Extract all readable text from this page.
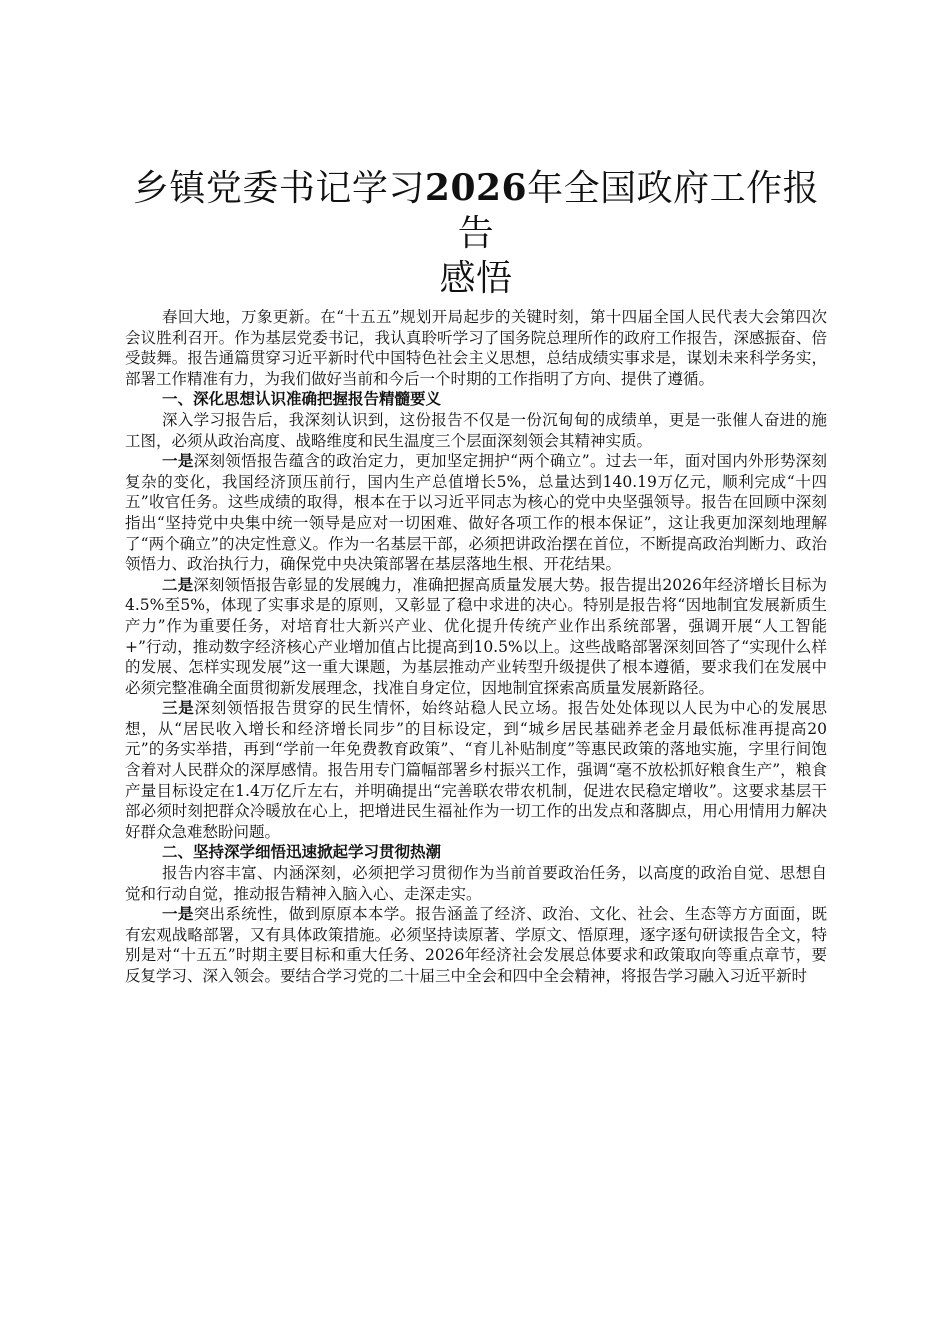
乡镇党委书记学习2026年全国政府工作报告
感悟

春回大地，万象更新。在“十五五”规划开局起步的关键时刻，第十四届全国人民代表大会第四次会议胜利召开。作为基层党委书记，我认真聆听学习了国务院总理所作的政府工作报告，深感振奋、倍受鼓舞。报告通篇贯穿习近平新时代中国特色社会主义思想，总结成绩实事求是，谋划未来科学务实，部署工作精准有力，为我们做好当前和今后一个时期的工作指明了方向、提供了遵循。

一、深化思想认识准确把握报告精髓要义

深入学习报告后，我深刻认识到，这份报告不仅是一份沉甸甸的成绩单，更是一张催人奋进的施工图，必须从政治高度、战略维度和民生温度三个层面深刻领会其精神实质。

一是深刻领悟报告蕴含的政治定力，更加坚定拥护“两个确立”。过去一年，面对国内外形势深刻复杂的变化，我国经济顶压前行，国内生产总值增长5%，总量达到140.19万亿元，顺利完成“十四五”收官任务。这些成绩的取得，根本在于以习近平同志为核心的党中央坚强领导。报告在回顾中深刻指出“坚持党中央集中统一领导是应对一切困难、做好各项工作的根本保证”，这让我更加深刻地理解了“两个确立”的决定性意义。作为一名基层干部，必须把讲政治摆在首位，不断提高政治判断力、政治领悟力、政治执行力，确保党中央决策部署在基层落地生根、开花结果。

二是深刻领悟报告彰显的发展魄力，准确把握高质量发展大势。报告提出2026年经济增长目标为4.5%至5%，体现了实事求是的原则，又彰显了稳中求进的决心。特别是报告将“因地制宜发展新质生产力”作为重要任务，对培育壮大新兴产业、优化提升传统产业作出系统部署，强调开展“人工智能+”行动，推动数字经济核心产业增加值占比提高到10.5%以上。这些战略部署深刻回答了“实现什么样的发展、怎样实现发展”这一重大课题，为基层推动产业转型升级提供了根本遵循，要求我们在发展中必须完整准确全面贯彻新发展理念，找准自身定位，因地制宜探索高质量发展新路径。

三是深刻领悟报告贯穿的民生情怀，始终站稳人民立场。报告处处体现以人民为中心的发展思想，从“居民收入增长和经济增长同步”的目标设定，到“城乡居民基础养老金月最低标准再提高20元”的务实举措，再到“学前一年免费教育政策”、“育儿补贴制度”等惠民政策的落地实施，字里行间饱含着对人民群众的深厚感情。报告用专门篇幅部署乡村振兴工作，强调“毫不放松抓好粮食生产”，粮食产量目标设定在1.4万亿斤左右，并明确提出“完善联农带农机制，促进农民稳定增收”。这要求基层干部必须时刻把群众冷暖放在心上，把增进民生福祉作为一切工作的出发点和落脚点，用心用情用力解决好群众急难愁盼问题。

二、坚持深学细悟迅速掀起学习贯彻热潮

报告内容丰富、内涵深刻，必须把学习贯彻作为当前首要政治任务，以高度的政治自觉、思想自觉和行动自觉，推动报告精神入脑入心、走深走实。

一是突出系统性，做到原原本本学。报告涵盖了经济、政治、文化、社会、生态等方方面面，既有宏观战略部署，又有具体政策措施。必须坚持读原著、学原文、悟原理，逐字逐句研读报告全文，特别是对“十五五”时期主要目标和重大任务、2026年经济社会发展总体要求和政策取向等重点章节，要反复学习、深入领会。要结合学习党的二十届三中全会和四中全会精神，将报告学习融入习近平新时
